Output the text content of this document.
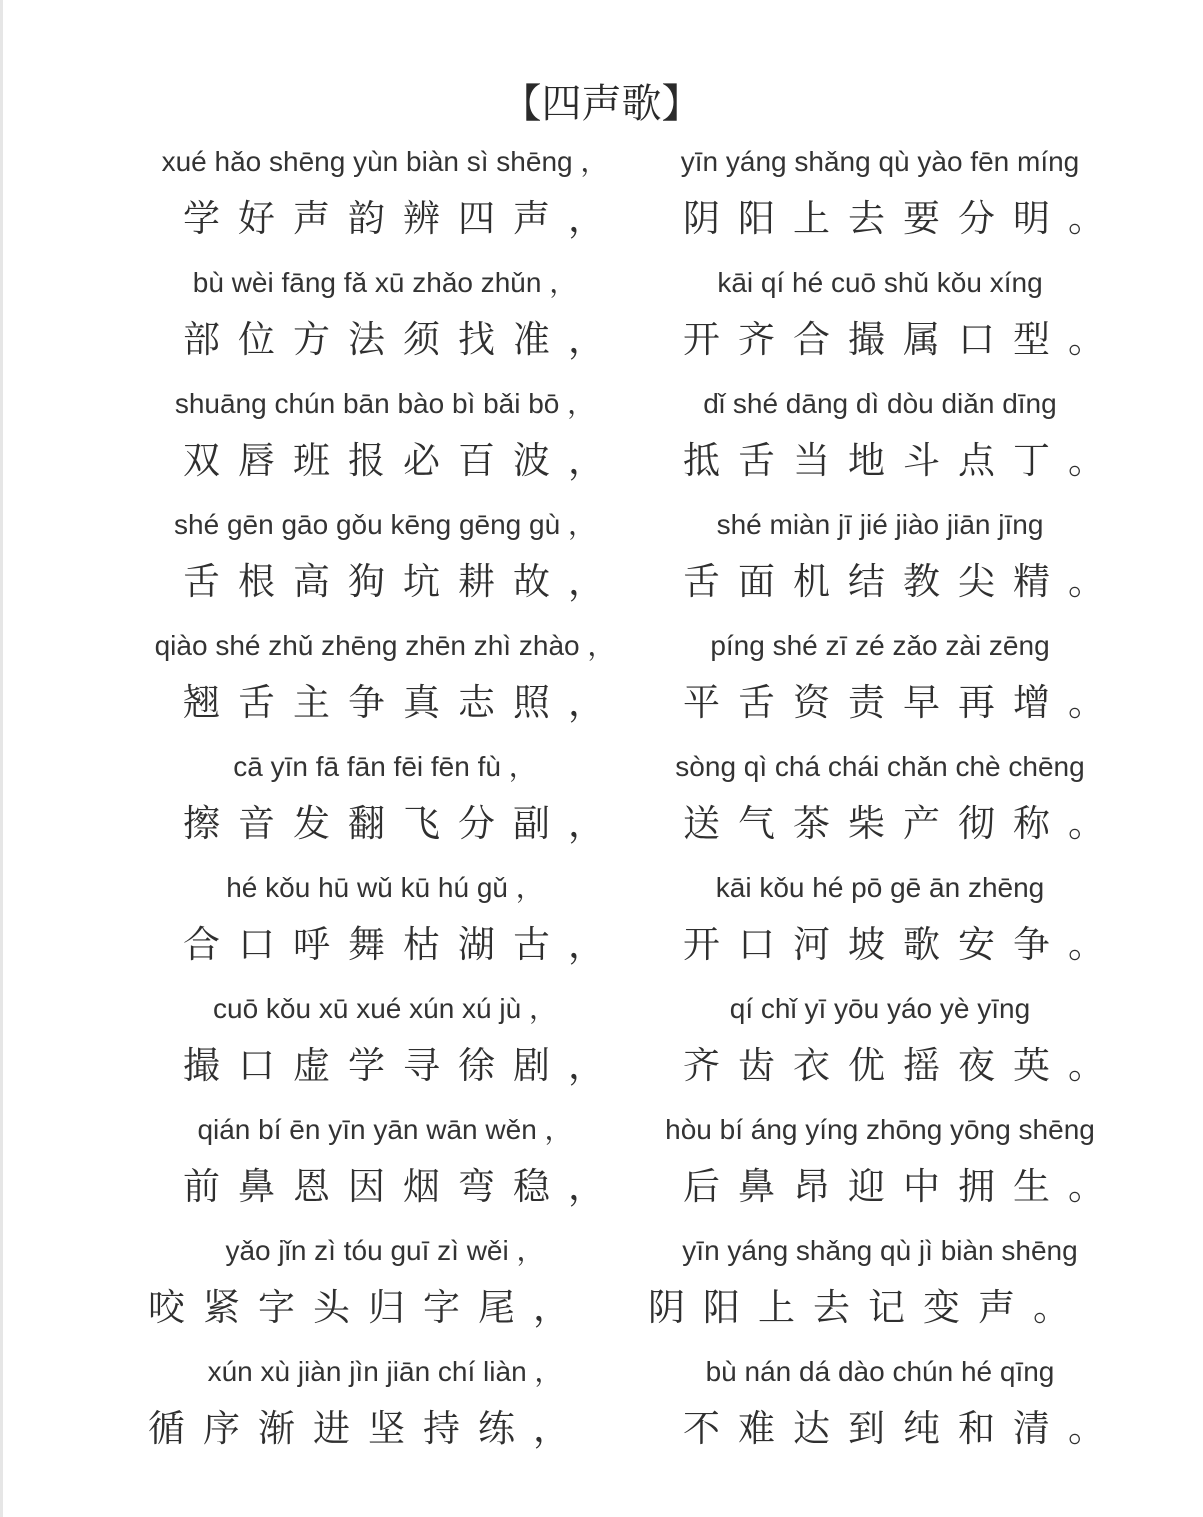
【四声歌】
xué hǎo shēng yùn biàn sì shēng ，	yīn yáng shǎng qù yào fēn míng
学好声韵辨四声， 阴阳上去要分明。
bù wèi fāng fǎ xū zhǎo zhǔn ，	kāi qí hé cuō shǔ kǒu xíng
部位方法须找准， 开齐合撮属口型。
shuāng chún bān bào bì bǎi bō ，	dǐ shé dāng dì dòu diǎn dīng
双唇班报必百波， 抵舌当地斗点丁。
shé gēn gāo gǒu kēng gēng gù ，	shé miàn jī jié jiào jiān jīng
舌根高狗坑耕故， 舌面机结教尖精。
qiào shé zhǔ zhēng zhēn zhì zhào ，	píng shé zī zé zǎo zài zēng
翘舌主争真志照， 平舌资责早再增。
cā yīn fā fān fēi fēn fù ，	sòng qì chá chái chǎn chè chēng
擦音发翻飞分副， 送气茶柴产彻称。
hé kǒu hū wǔ kū hú gǔ ，	kāi kǒu hé pō gē ān zhēng
合口呼舞枯湖古， 开口河坡歌安争。
cuō kǒu xū xué xún xú jù ，	qí chǐ yī yōu yáo yè yīng
撮口虚学寻徐剧， 齐齿衣优摇夜英。
qián bí ēn yīn yān wān wěn ，	hòu bí áng yíng zhōng yōng shēng
前鼻恩因烟弯稳， 后鼻昂迎中拥生。
yǎo jǐn zì tóu guī zì wěi ，	yīn yáng shǎng qù jì biàn shēng
咬紧字头归字尾， 阴阳上去记变声。
xún xù jiàn jìn jiān chí liàn ，	bù nán dá dào chún hé qīng
循序渐进坚持练，	不难达到纯和清。
